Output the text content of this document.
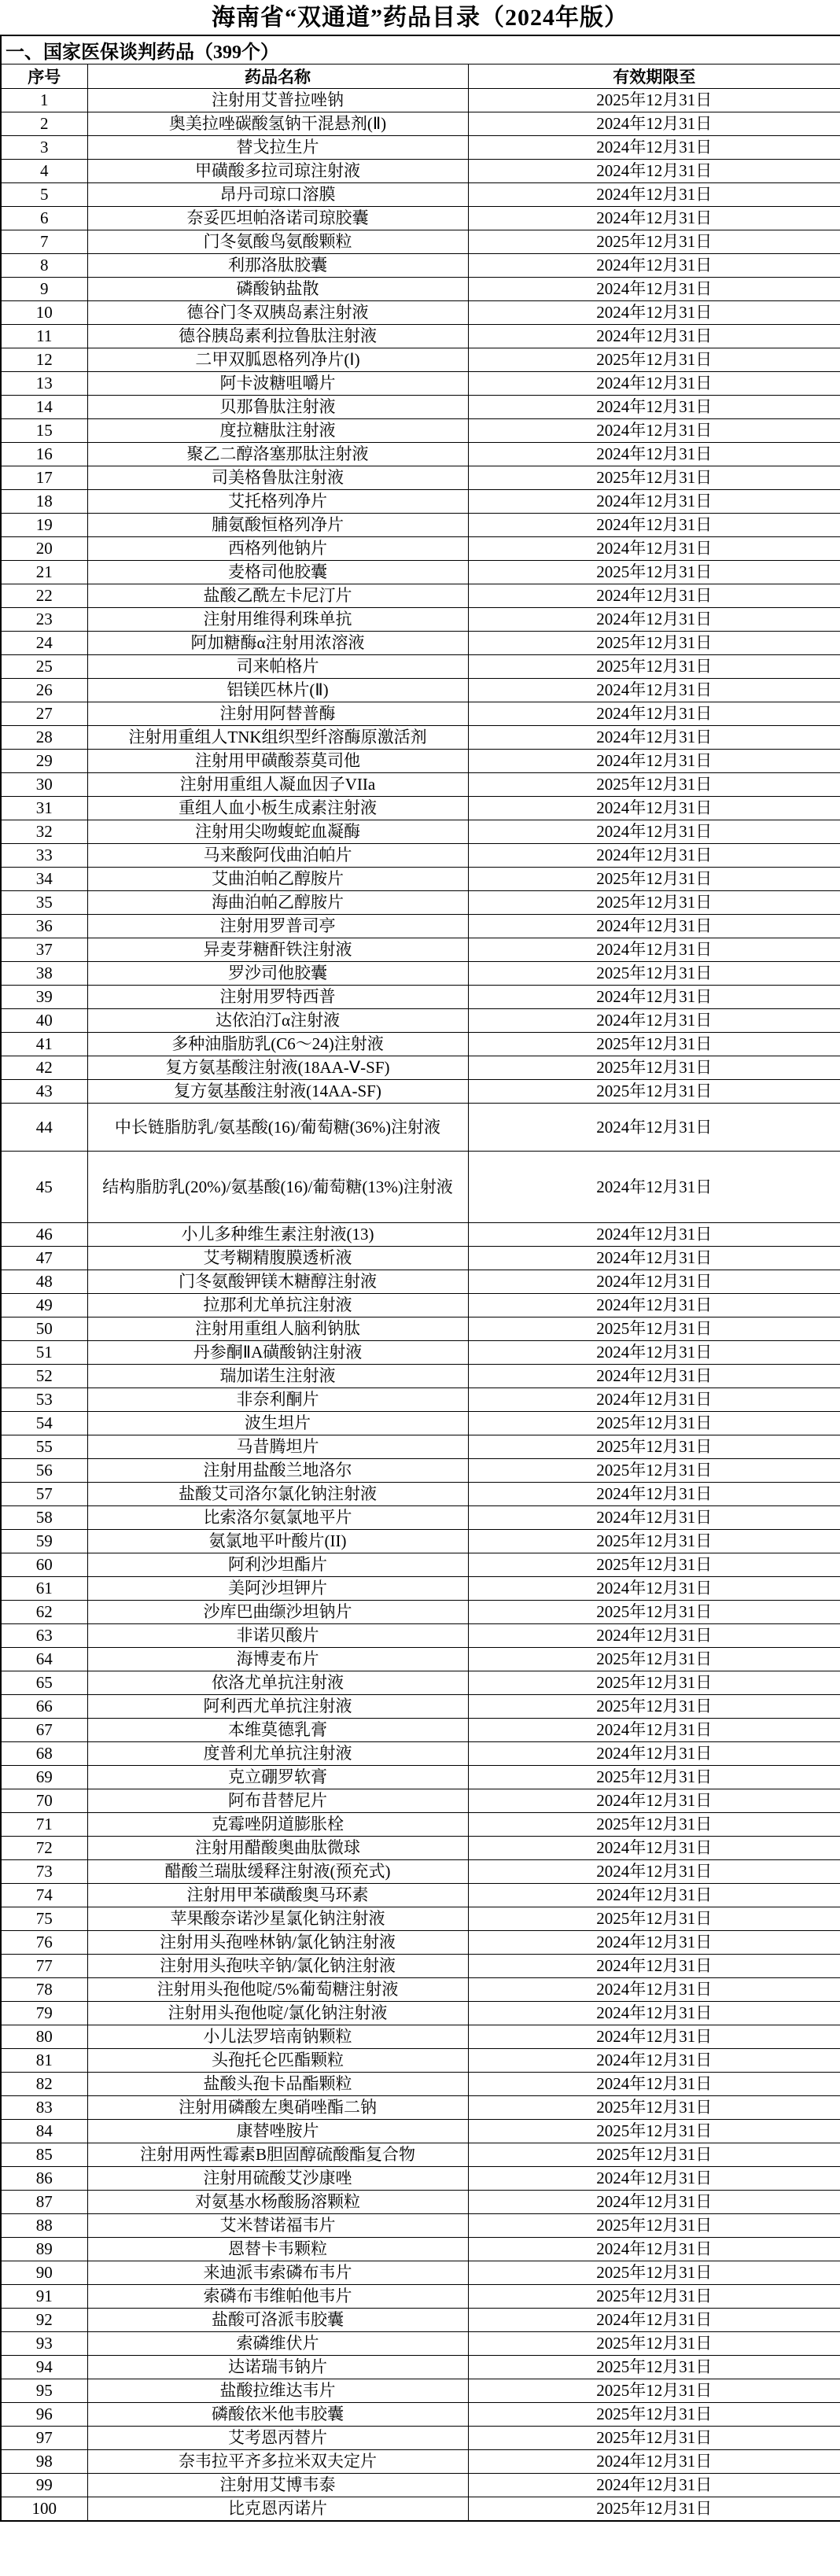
海南省“双通道”药品目录（2024年版）
一、国家医保谈判药品（399个）		
序号	药品名称	有效期限至
1	注射用艾普拉唑钠	2025年12月31日
2	奥美拉唑碳酸氢钠干混悬剂(Ⅱ)	2024年12月31日
3	替戈拉生片	2024年12月31日
4	甲磺酸多拉司琼注射液	2024年12月31日
5	昂丹司琼口溶膜	2024年12月31日
6	奈妥匹坦帕洛诺司琼胶囊	2024年12月31日
7	门冬氨酸鸟氨酸颗粒	2025年12月31日
8	利那洛肽胶囊	2024年12月31日
9	磷酸钠盐散	2024年12月31日
10	德谷门冬双胰岛素注射液	2024年12月31日
11	德谷胰岛素利拉鲁肽注射液	2024年12月31日
12	二甲双胍恩格列净片(Ⅰ)	2025年12月31日
13	阿卡波糖咀嚼片	2024年12月31日
14	贝那鲁肽注射液	2024年12月31日
15	度拉糖肽注射液	2024年12月31日
16	聚乙二醇洛塞那肽注射液	2024年12月31日
17	司美格鲁肽注射液	2025年12月31日
18	艾托格列净片	2024年12月31日
19	脯氨酸恒格列净片	2024年12月31日
20	西格列他钠片	2024年12月31日
21	麦格司他胶囊	2025年12月31日
22	盐酸乙酰左卡尼汀片	2024年12月31日
23	注射用维得利珠单抗	2024年12月31日
24	阿加糖酶α注射用浓溶液	2025年12月31日
25	司来帕格片	2025年12月31日
26	铝镁匹林片(Ⅱ)	2024年12月31日
27	注射用阿替普酶	2024年12月31日
28	注射用重组人TNK组织型纤溶酶原激活剂	2024年12月31日
29	注射用甲磺酸萘莫司他	2024年12月31日
30	注射用重组人凝血因子VIIa	2025年12月31日
31	重组人血小板生成素注射液	2024年12月31日
32	注射用尖吻蝮蛇血凝酶	2024年12月31日
33	马来酸阿伐曲泊帕片	2024年12月31日
34	艾曲泊帕乙醇胺片	2025年12月31日
35	海曲泊帕乙醇胺片	2025年12月31日
36	注射用罗普司亭	2024年12月31日
37	异麦芽糖酐铁注射液	2024年12月31日
38	罗沙司他胶囊	2025年12月31日
39	注射用罗特西普	2024年12月31日
40	达依泊汀α注射液	2024年12月31日
41	多种油脂肪乳(C6～24)注射液	2025年12月31日
42	复方氨基酸注射液(18AA-Ⅴ-SF)	2025年12月31日
43	复方氨基酸注射液(14AA-SF)	2025年12月31日
44	中长链脂肪乳/氨基酸(16)/葡萄糖(36%)注射液	2024年12月31日
45	结构脂肪乳(20%)/氨基酸(16)/葡萄糖(13%)注射液	2024年12月31日
46	小儿多种维生素注射液(13)	2024年12月31日
47	艾考糊精腹膜透析液	2024年12月31日
48	门冬氨酸钾镁木糖醇注射液	2024年12月31日
49	拉那利尤单抗注射液	2024年12月31日
50	注射用重组人脑利钠肽	2025年12月31日
51	丹参酮ⅡA磺酸钠注射液	2024年12月31日
52	瑞加诺生注射液	2024年12月31日
53	非奈利酮片	2024年12月31日
54	波生坦片	2025年12月31日
55	马昔腾坦片	2025年12月31日
56	注射用盐酸兰地洛尔	2025年12月31日
57	盐酸艾司洛尔氯化钠注射液	2024年12月31日
58	比索洛尔氨氯地平片	2024年12月31日
59	氨氯地平叶酸片(II)	2025年12月31日
60	阿利沙坦酯片	2025年12月31日
61	美阿沙坦钾片	2024年12月31日
62	沙库巴曲缬沙坦钠片	2025年12月31日
63	非诺贝酸片	2024年12月31日
64	海博麦布片	2025年12月31日
65	依洛尤单抗注射液	2025年12月31日
66	阿利西尤单抗注射液	2025年12月31日
67	本维莫德乳膏	2024年12月31日
68	度普利尤单抗注射液	2024年12月31日
69	克立硼罗软膏	2025年12月31日
70	阿布昔替尼片	2024年12月31日
71	克霉唑阴道膨胀栓	2025年12月31日
72	注射用醋酸奥曲肽微球	2024年12月31日
73	醋酸兰瑞肽缓释注射液(预充式)	2024年12月31日
74	注射用甲苯磺酸奥马环素	2024年12月31日
75	苹果酸奈诺沙星氯化钠注射液	2025年12月31日
76	注射用头孢唑林钠/氯化钠注射液	2024年12月31日
77	注射用头孢呋辛钠/氯化钠注射液	2024年12月31日
78	注射用头孢他啶/5%葡萄糖注射液	2024年12月31日
79	注射用头孢他啶/氯化钠注射液	2024年12月31日
80	小儿法罗培南钠颗粒	2024年12月31日
81	头孢托仑匹酯颗粒	2024年12月31日
82	盐酸头孢卡品酯颗粒	2024年12月31日
83	注射用磷酸左奥硝唑酯二钠	2025年12月31日
84	康替唑胺片	2025年12月31日
85	注射用两性霉素B胆固醇硫酸酯复合物	2025年12月31日
86	注射用硫酸艾沙康唑	2024年12月31日
87	对氨基水杨酸肠溶颗粒	2024年12月31日
88	艾米替诺福韦片	2025年12月31日
89	恩替卡韦颗粒	2024年12月31日
90	来迪派韦索磷布韦片	2025年12月31日
91	索磷布韦维帕他韦片	2025年12月31日
92	盐酸可洛派韦胶囊	2024年12月31日
93	索磷维伏片	2025年12月31日
94	达诺瑞韦钠片	2025年12月31日
95	盐酸拉维达韦片	2025年12月31日
96	磷酸依米他韦胶囊	2025年12月31日
97	艾考恩丙替片	2025年12月31日
98	奈韦拉平齐多拉米双夫定片	2024年12月31日
99	注射用艾博韦泰	2024年12月31日
100	比克恩丙诺片	2025年12月31日
